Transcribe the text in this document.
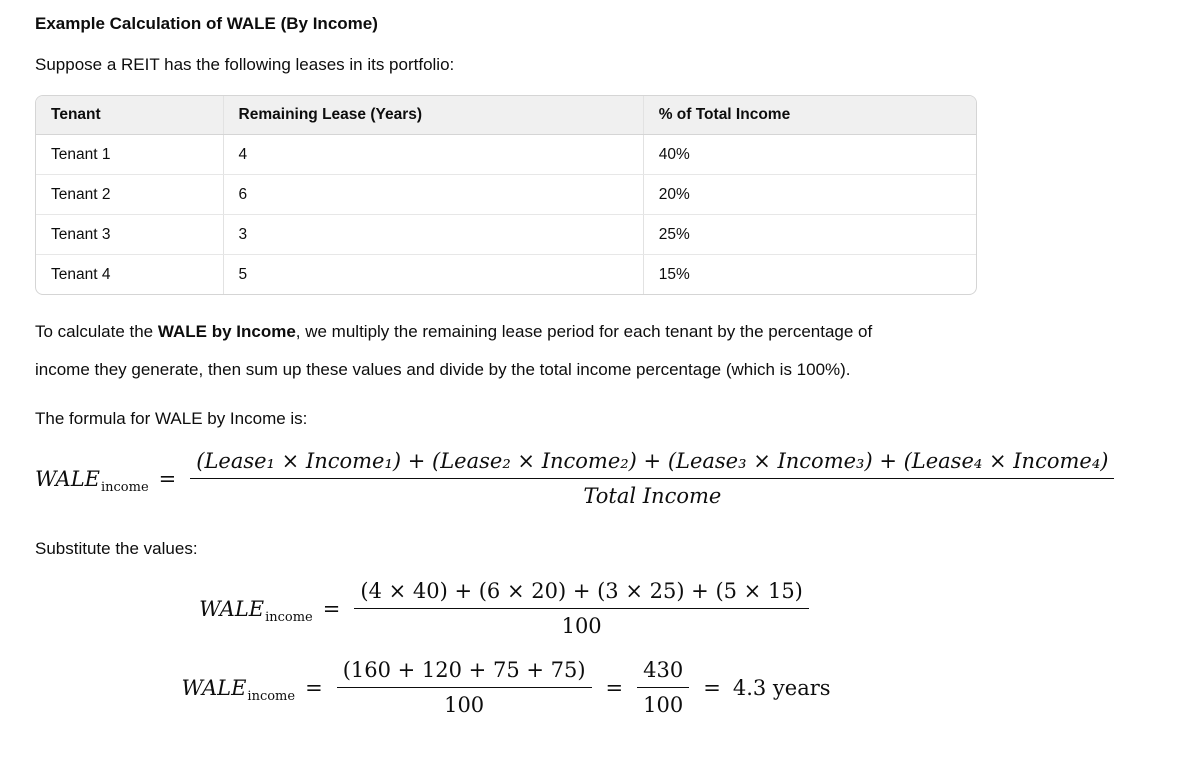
Example Calculation of WALE (By Income)

Suppose a REIT has the following leases in its portfolio:

Tenant	Remaining Lease (Years)	% of Total Income
Tenant 1	4	40%
Tenant 2	6	20%
Tenant 3	3	25%
Tenant 4	5	15%

To calculate the WALE by Income, we multiply the remaining lease period for each tenant by the percentage of income they generate, then sum up these values and divide by the total income percentage (which is 100%).

The formula for WALE by Income is:

$WALE_{income}$ =
(Lease₁ × Income₁) + (Lease₂ × Income₂) + (Lease₃ × Income₃) + (Lease₄ × Income₄)
Total Income

Substitute the values:

$WALE_{income} = \frac{(4 \times 40) + (6 \times 20) + (3 \times 25) + (5 \times 15)}{100}$
$WALE_{income} = \frac{(160 + 120 + 75 + 75)}{100} = \frac{430}{100} = 4.3$ years
